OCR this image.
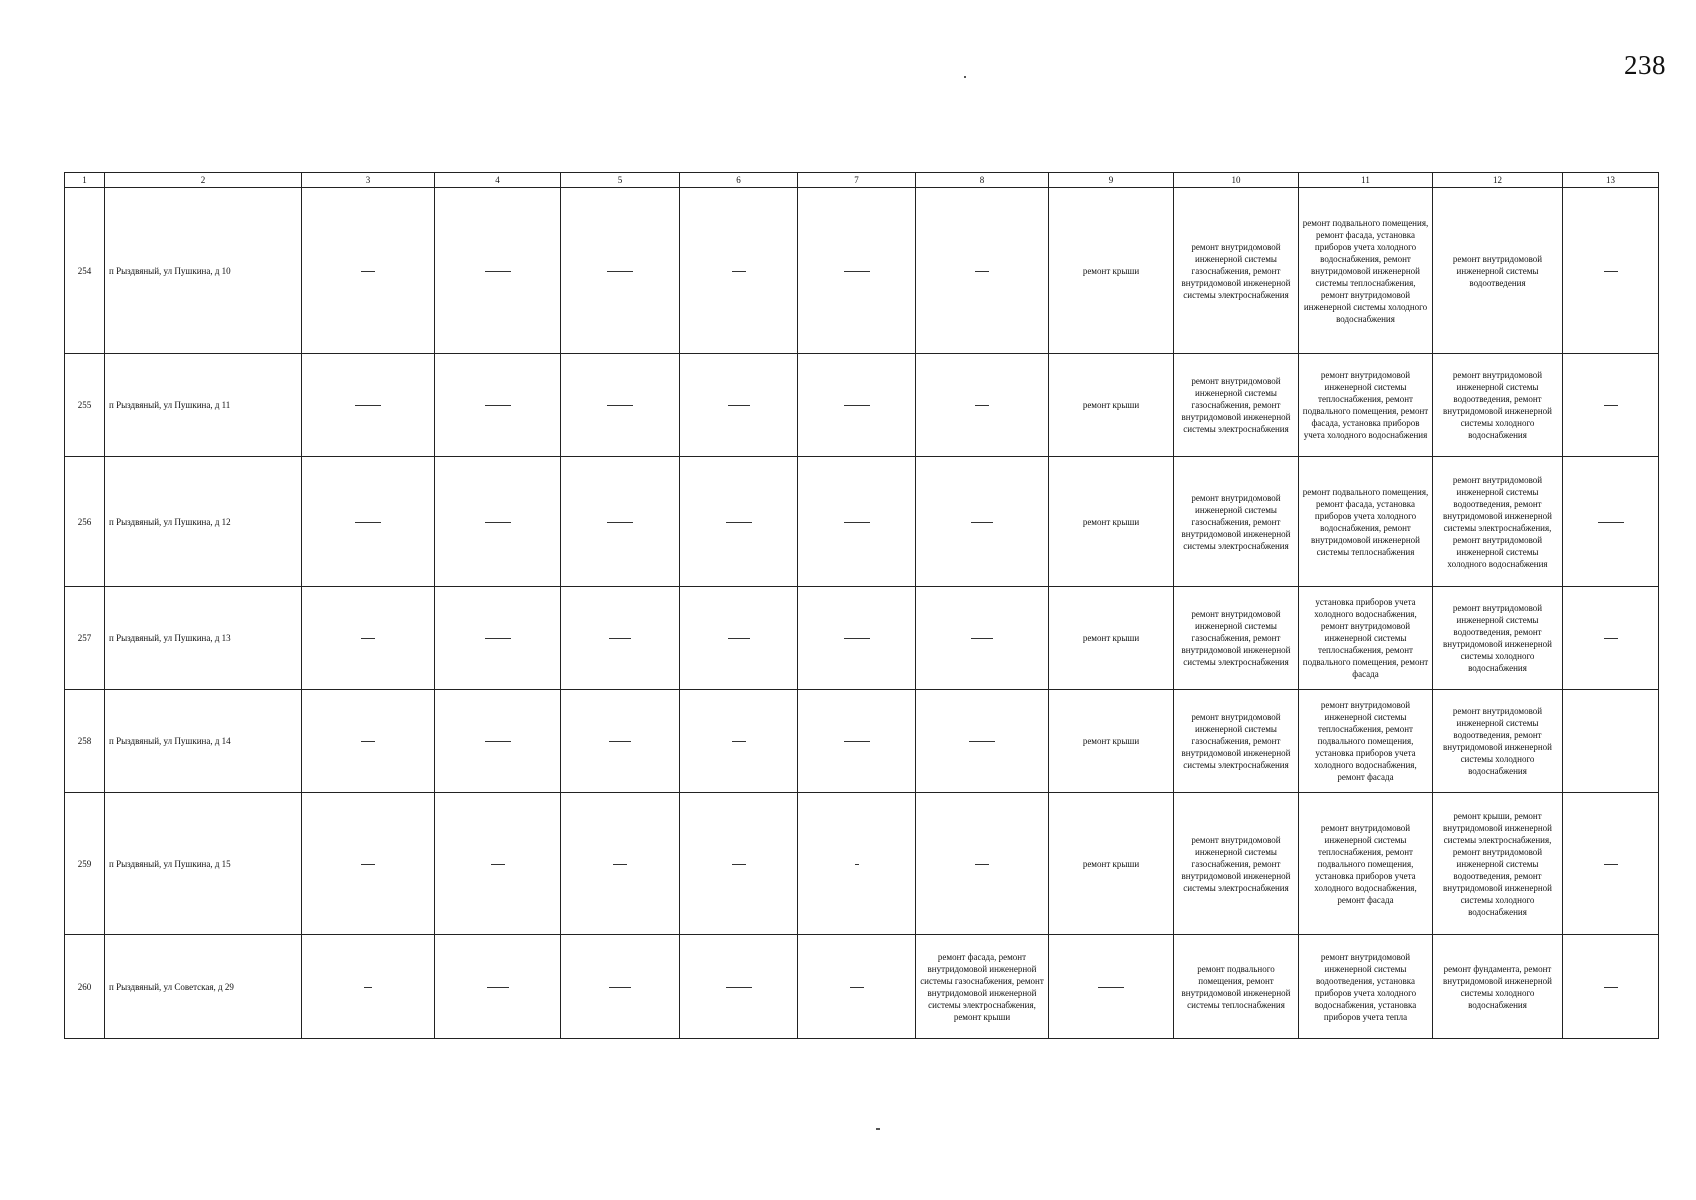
238
1	2	3	4	5	6	7	8	9	10	11	12	13
254	п Рыздвяный, ул Пушкина, д 10							ремонт крыши	ремонт внутридомовой инженерной системы газоснабжения, ремонт внутридомовой инженерной системы электроснабжения	ремонт подвального помещения, ремонт фасада, установка приборов учета холодного водоснабжения, ремонт внутридомовой инженерной системы теплоснабжения, ремонт внутридомовой инженерной системы холодного водоснабжения	ремонт внутридомовой инженерной системы водоотведения	
255	п Рыздвяный, ул Пушкина, д 11							ремонт крыши	ремонт внутридомовой инженерной системы газоснабжения, ремонт внутридомовой инженерной системы электроснабжения	ремонт внутридомовой инженерной системы теплоснабжения, ремонт подвального помещения, ремонт фасада, установка приборов учета холодного водоснабжения	ремонт внутридомовой инженерной системы водоотведения, ремонт внутридомовой инженерной системы холодного водоснабжения	
256	п Рыздвяный, ул Пушкина, д 12							ремонт крыши	ремонт внутридомовой инженерной системы газоснабжения, ремонт внутридомовой инженерной системы электроснабжения	ремонт подвального помещения, ремонт фасада, установка приборов учета холодного водоснабжения, ремонт внутридомовой инженерной системы теплоснабжения	ремонт внутридомовой инженерной системы водоотведения, ремонт внутридомовой инженерной системы электроснабжения, ремонт внутридомовой инженерной системы холодного водоснабжения	
257	п Рыздвяный, ул Пушкина, д 13							ремонт крыши	ремонт внутридомовой инженерной системы газоснабжения, ремонт внутридомовой инженерной системы электроснабжения	установка приборов учета холодного водоснабжения, ремонт внутридомовой инженерной системы теплоснабжения, ремонт подвального помещения, ремонт фасада	ремонт внутридомовой инженерной системы водоотведения, ремонт внутридомовой инженерной системы холодного водоснабжения	
258	п Рыздвяный, ул Пушкина, д 14							ремонт крыши	ремонт внутридомовой инженерной системы газоснабжения, ремонт внутридомовой инженерной системы электроснабжения	ремонт внутридомовой инженерной системы теплоснабжения, ремонт подвального помещения, установка приборов учета холодного водоснабжения, ремонт фасада	ремонт внутридомовой инженерной системы водоотведения, ремонт внутридомовой инженерной системы холодного водоснабжения	
259	п Рыздвяный, ул Пушкина, д 15							ремонт крыши	ремонт внутридомовой инженерной системы газоснабжения, ремонт внутридомовой инженерной системы электроснабжения	ремонт внутридомовой инженерной системы теплоснабжения, ремонт подвального помещения, установка приборов учета холодного водоснабжения, ремонт фасада	ремонт крыши, ремонт внутридомовой инженерной системы электроснабжения, ремонт внутридомовой инженерной системы водоотведения, ремонт внутридомовой инженерной системы холодного водоснабжения	
260	п Рыздвяный, ул Советская, д 29						ремонт фасада, ремонт внутридомовой инженерной системы газоснабжения, ремонт внутридомовой инженерной системы электроснабжения, ремонт крыши		ремонт подвального помещения, ремонт внутридомовой инженерной системы теплоснабжения	ремонт внутридомовой инженерной системы водоотведения, установка приборов учета холодного водоснабжения, установка приборов учета тепла	ремонт фундамента, ремонт внутридомовой инженерной системы холодного водоснабжения	
